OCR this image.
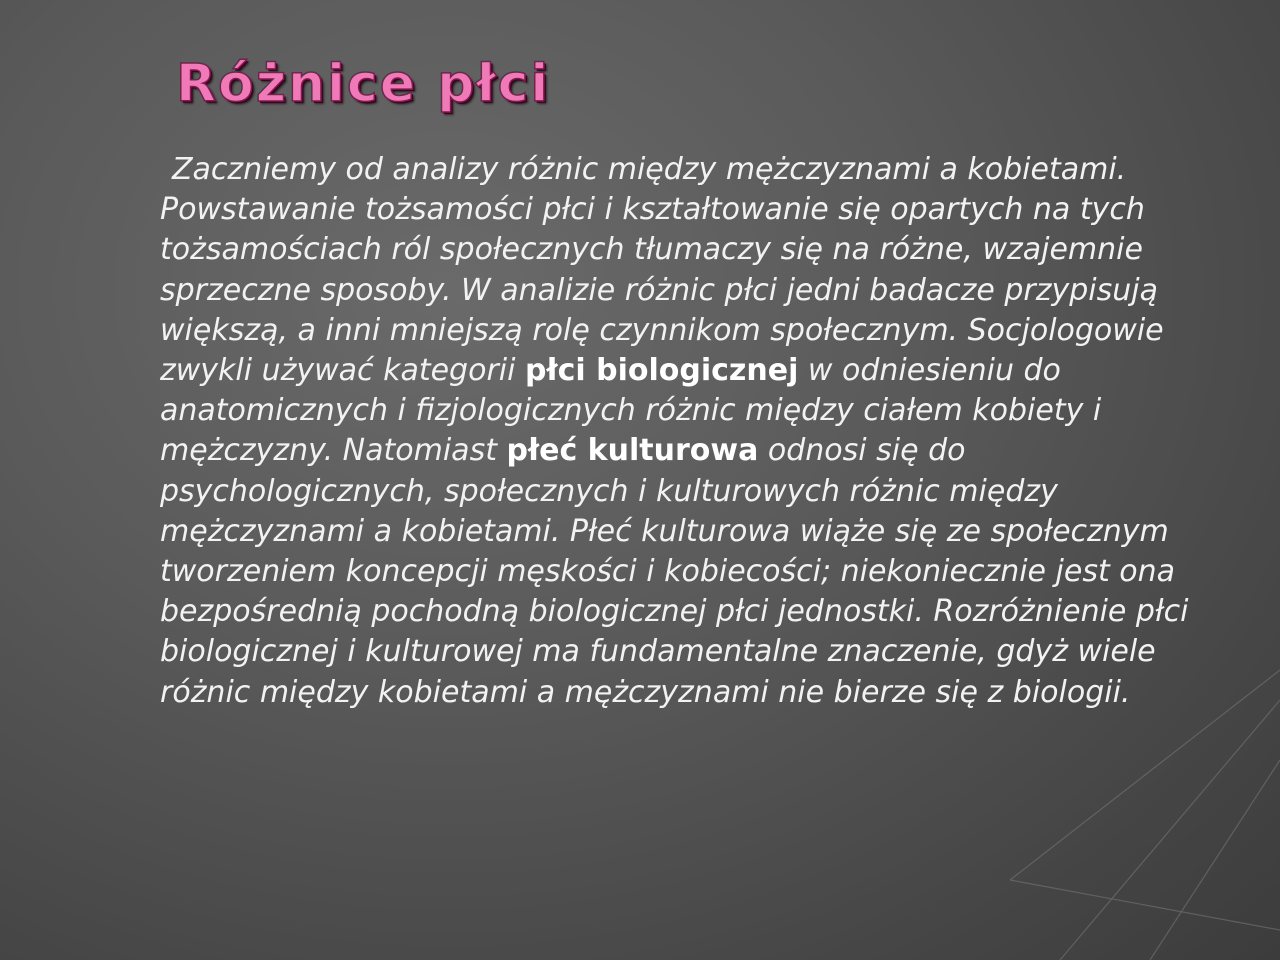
Różnice płci

Zaczniemy od analizy różnic między mężczyznami a kobietami. Powstawanie tożsamości płci i kształtowanie się opartych na tych tożsamościach ról społecznych tłumaczy się na różne, wzajemnie sprzeczne sposoby. W analizie różnic płci jedni badacze przypisują większą, a inni mniejszą rolę czynnikom społecznym. Socjologowie zwykli używać kategorii płci biologicznej w odniesieniu do anatomicznych i fizjologicznych różnic między ciałem kobiety i mężczyzny. Natomiast płeć kulturowa odnosi się do psychologicznych, społecznych i kulturowych różnic między mężczyznami a kobietami. Płeć kulturowa wiąże się ze społecznym tworzeniem koncepcji męskości i kobiecości; niekoniecznie jest ona bezpośrednią pochodną biologicznej płci jednostki. Rozróżnienie płci biologicznej i kulturowej ma fundamentalne znaczenie, gdyż wiele różnic między kobietami a mężczyznami nie bierze się z biologii.
